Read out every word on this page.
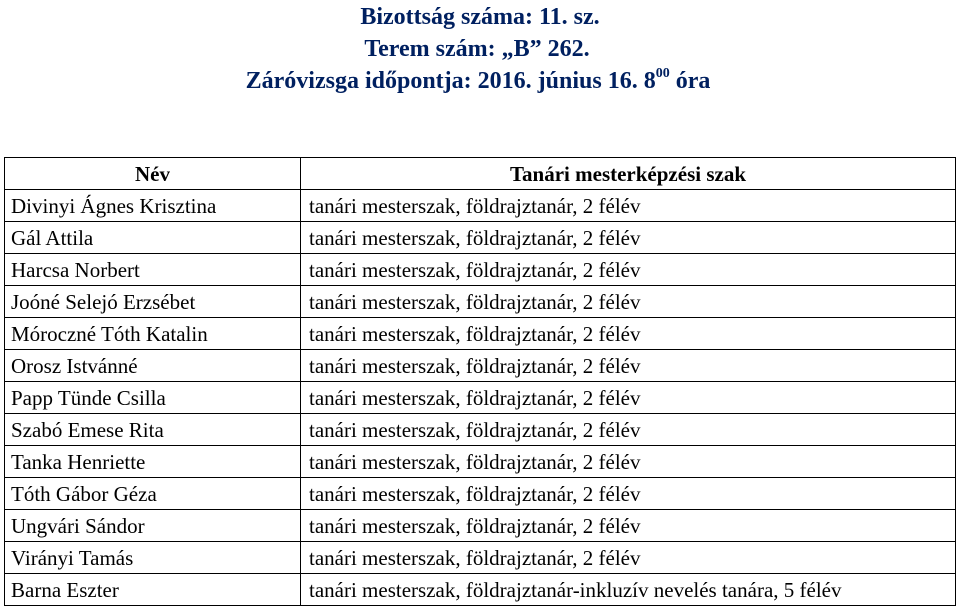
Bizottság száma: 11. sz.
Terem szám: „B” 262.
Záróvizsga időpontja: 2016. június 16. $8^{00}$ óra
Név	Tanári mesterképzési szak
Divinyi Ágnes Krisztina	tanári mesterszak, földrajztanár, 2 félév
Gál Attila	tanári mesterszak, földrajztanár, 2 félév
Harcsa Norbert	tanári mesterszak, földrajztanár, 2 félév
Joóné Selejó Erzsébet	tanári mesterszak, földrajztanár, 2 félév
Móroczné Tóth Katalin	tanári mesterszak, földrajztanár, 2 félév
Orosz Istvánné	tanári mesterszak, földrajztanár, 2 félév
Papp Tünde Csilla	tanári mesterszak, földrajztanár, 2 félév
Szabó Emese Rita	tanári mesterszak, földrajztanár, 2 félév
Tanka Henriette	tanári mesterszak, földrajztanár, 2 félév
Tóth Gábor Géza	tanári mesterszak, földrajztanár, 2 félév
Ungvári Sándor	tanári mesterszak, földrajztanár, 2 félév
Virányi Tamás	tanári mesterszak, földrajztanár, 2 félév
Barna Eszter	tanári mesterszak, földrajztanár-inkluzív nevelés tanára, 5 félév
